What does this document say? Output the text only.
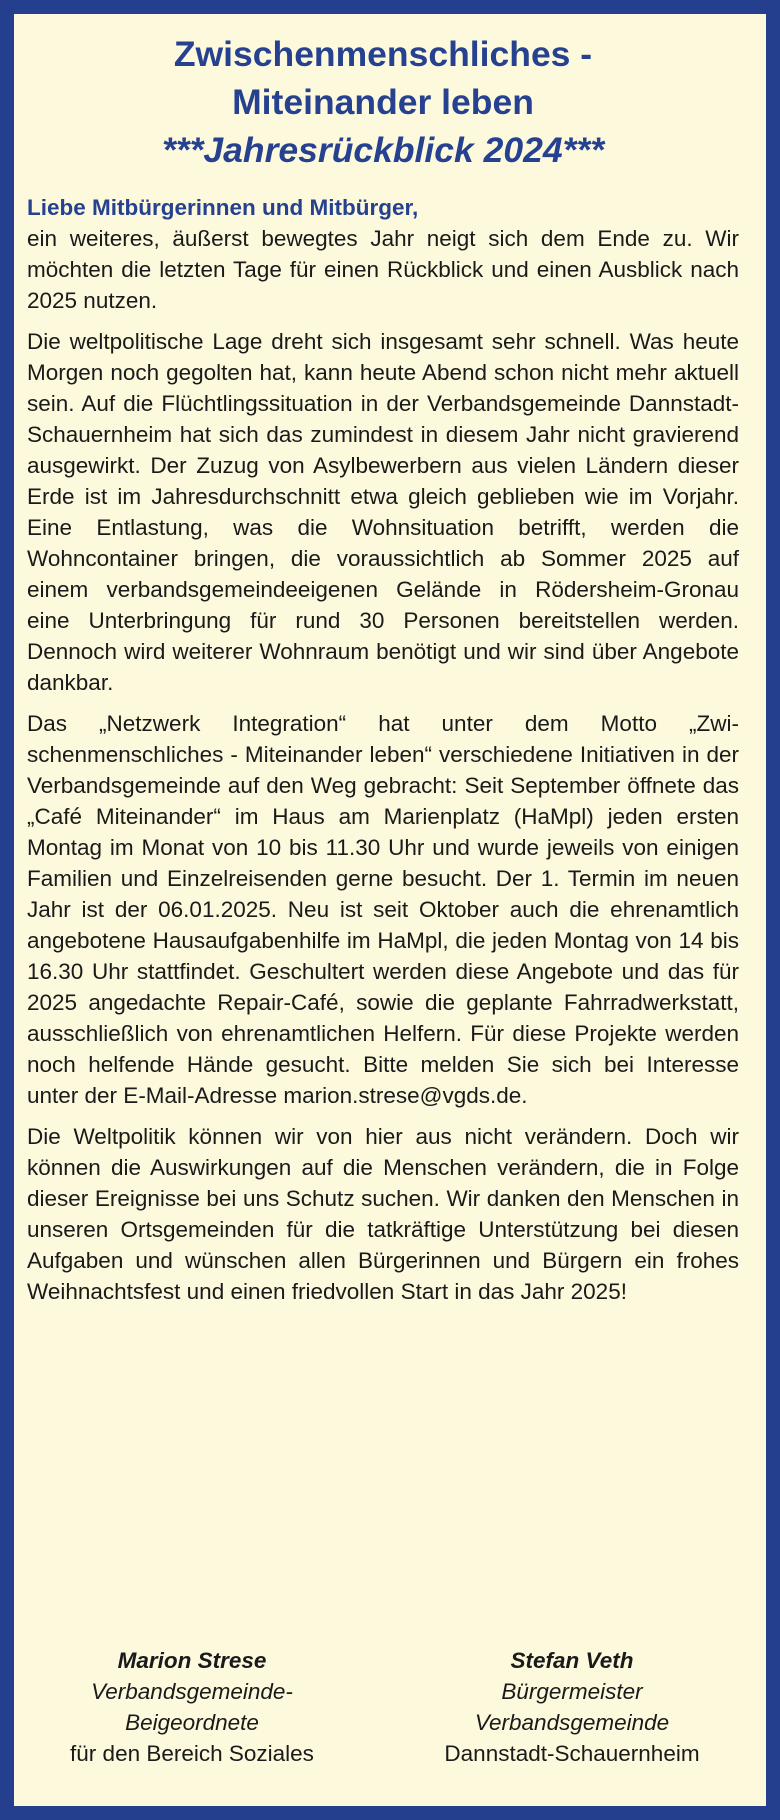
Zwischenmenschliches -
Miteinander leben
***Jahresrückblick 2024***
Liebe Mitbürgerinnen und Mitbürger,

ein weiteres, äußerst bewegtes Jahr neigt sich dem Ende zu. Wir möchten die letzten Tage für einen Rückblick und einen Ausblick nach 2025 nutzen.

Die weltpolitische Lage dreht sich insgesamt sehr schnell. Was heute Morgen noch gegolten hat, kann heute Abend schon nicht mehr aktuell sein. Auf die Flüchtlingssituation in der Verbandsgemeinde Dannstadt-Schauernheim hat sich das zumindest in diesem Jahr nicht gravierend ausgewirkt. Der Zuzug von Asylbewerbern aus vielen Ländern dieser Erde ist im Jahresdurchschnitt etwa gleich geblieben wie im Vorjahr. Eine Entlastung, was die Wohnsituation betrifft, werden die Wohncontainer bringen, die voraussichtlich ab Sommer 2025 auf einem verbandsgemeindeeigenen Gelände in Rödersheim-Gronau eine Unterbringung für rund 30 Personen bereitstellen werden. Dennoch wird weiterer Wohnraum benötigt und wir sind über Angebote dankbar.

Das „Netzwerk Integration“ hat unter dem Motto „Zwischenmenschliches - Miteinander leben“ verschiedene Initiativen in der Verbandsgemeinde auf den Weg gebracht: Seit September öffnete das „Café Miteinander“ im Haus am Marienplatz (HaMpl) jeden ersten Montag im Monat von 10 bis 11.30 Uhr und wurde jeweils von einigen Familien und Einzelreisenden gerne besucht. Der 1. Termin im neuen Jahr ist der 06.01.2025. Neu ist seit Oktober auch die ehrenamtlich angebotene Hausaufgabenhilfe im HaMpl, die jeden Montag von 14 bis 16.30 Uhr stattfindet. Geschultert werden diese Angebote und das für 2025 angedachte Repair-Café, sowie die geplante Fahrradwerkstatt, ausschließlich von ehrenamtlichen Helfern. Für diese Projekte werden noch helfende Hände gesucht. Bitte melden Sie sich bei Interesse unter der E-Mail-Adresse marion.strese@vgds.de.

Die Weltpolitik können wir von hier aus nicht verändern. Doch wir können die Auswirkungen auf die Menschen verändern, die in Folge dieser Ereignisse bei uns Schutz suchen. Wir danken den Menschen in unseren Ortsgemeinden für die tatkräftige Unterstützung bei diesen Aufgaben und wünschen allen Bürgerinnen und Bürgern ein frohes Weihnachtsfest und einen friedvollen Start in das Jahr 2025!

Marion Strese
Verbandsgemeinde-
Beigeordnete
für den Bereich Soziales
Stefan Veth
Bürgermeister
Verbandsgemeinde
Dannstadt-Schauernheim
